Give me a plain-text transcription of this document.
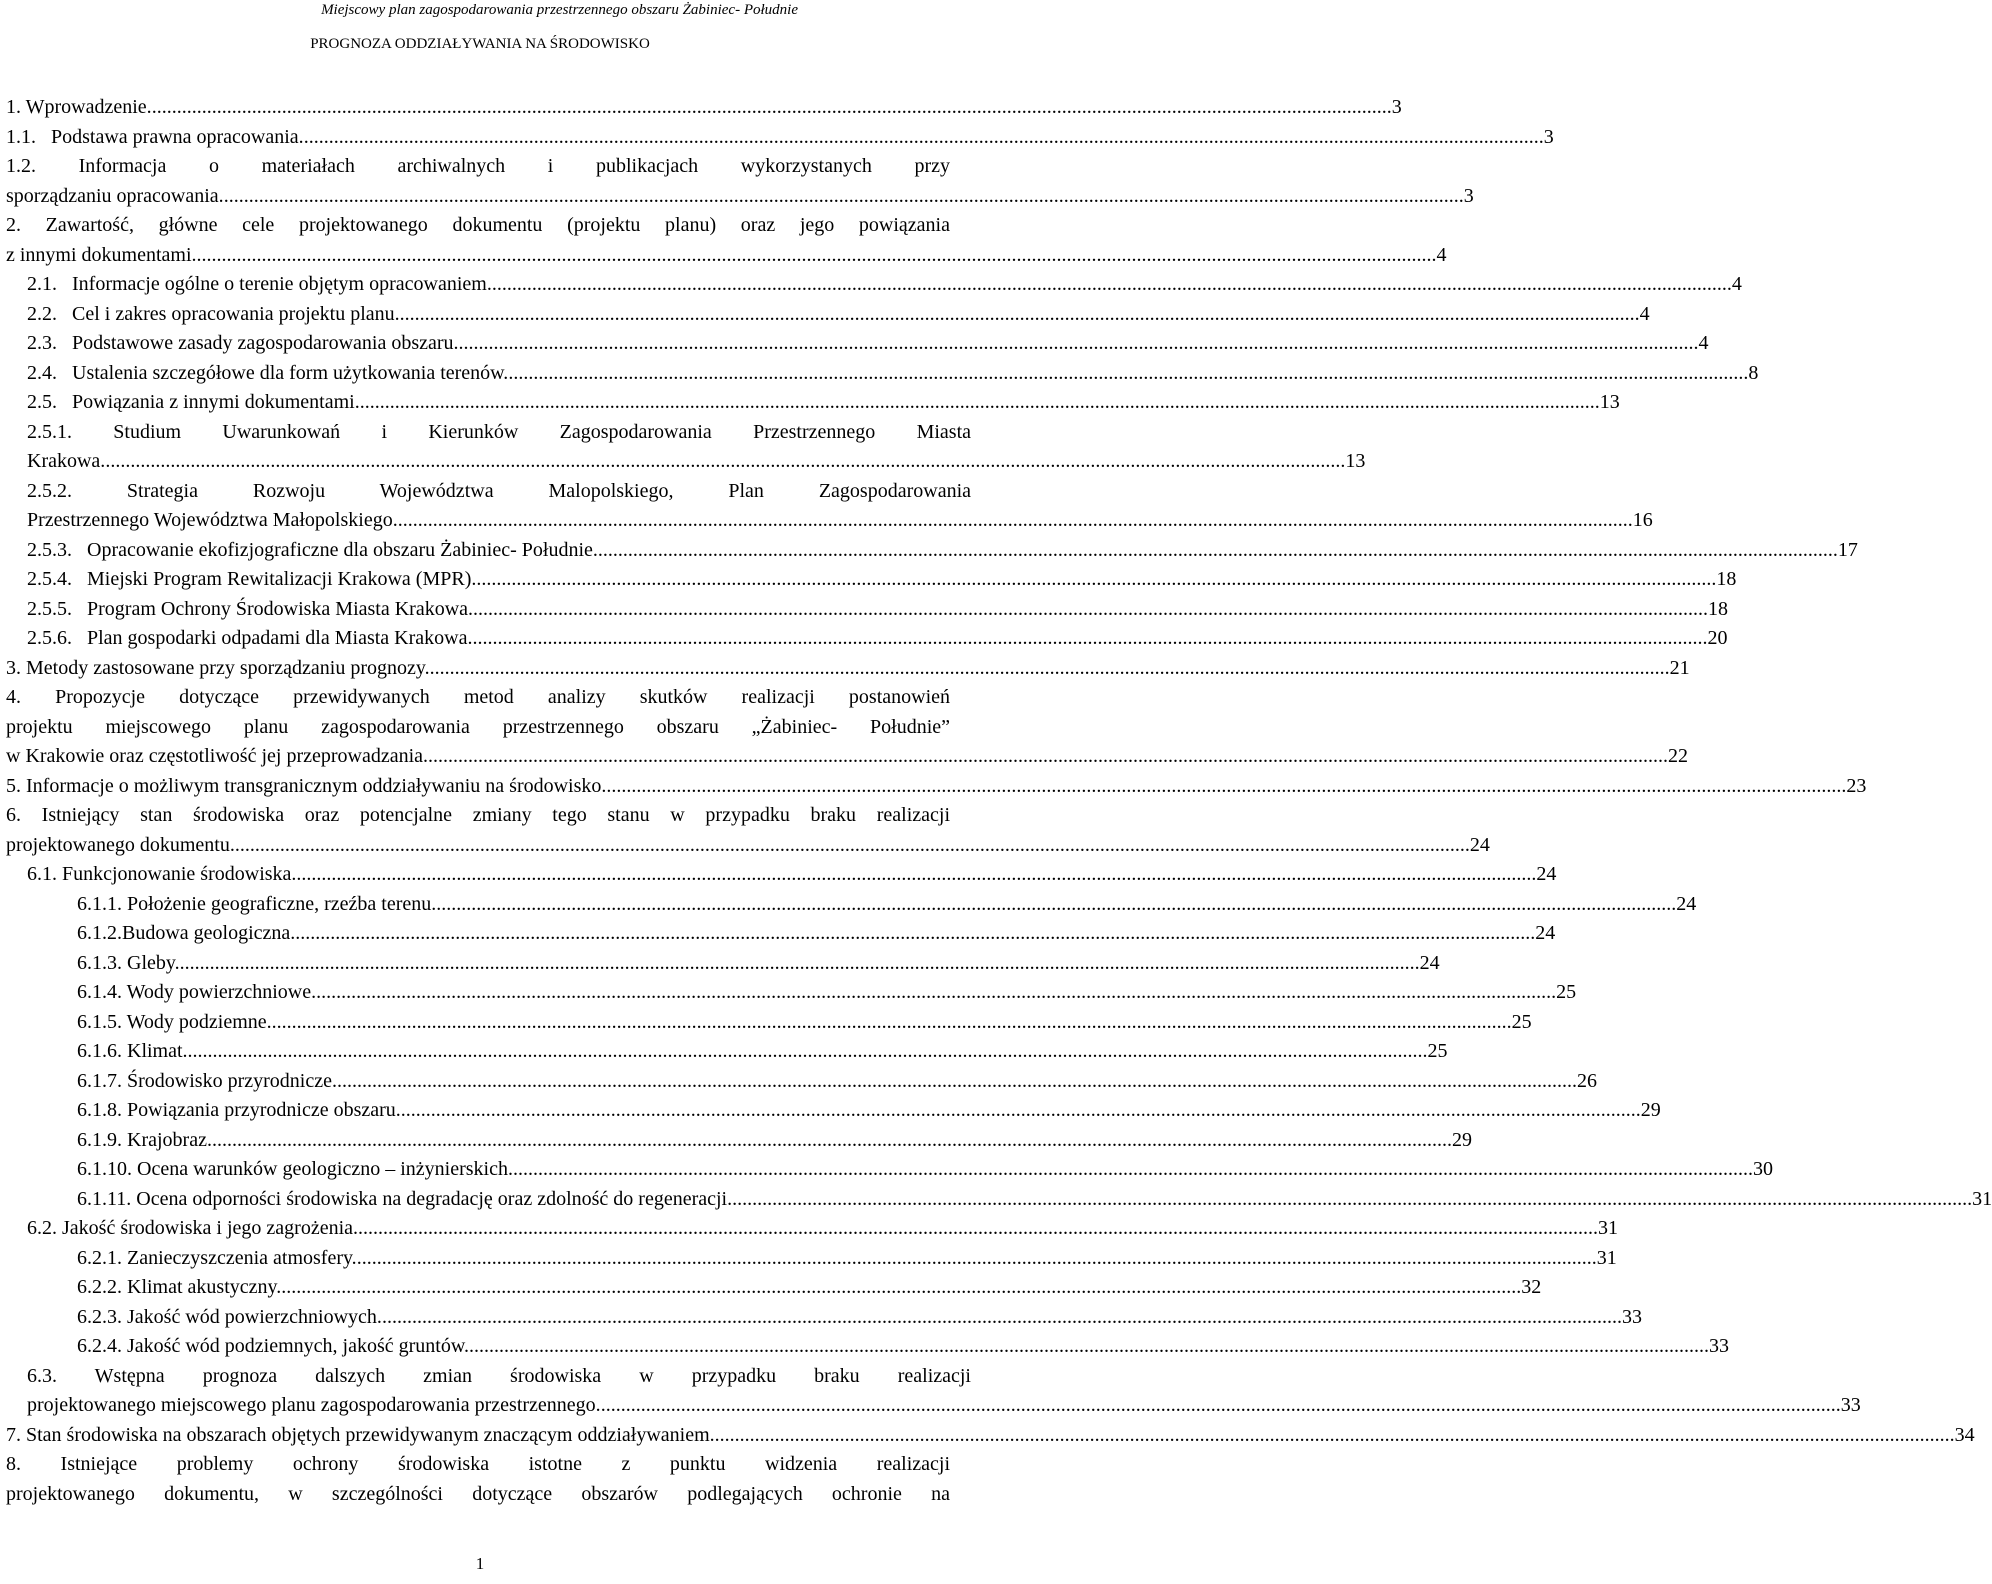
Miejscowy plan zagospodarowania przestrzennego obszaru Żabiniec- Południe
PROGNOZA ODDZIAŁYWANIA NA ŚRODOWISKO
1. Wprowadzenie. .....	3
1.1.   Podstawa prawna opracowania. .....	3
1.2. Informacja o materiałach archiwalnych i publikacjach wykorzystanych przy
sporządzaniu opracowania. .....	3
2. Zawartość, główne cele projektowanego dokumentu (projektu planu) oraz jego powiązania
z innymi dokumentami. .....	4
2.1.   Informacje ogólne o terenie objętym opracowaniem. .....	4
2.2.   Cel i zakres opracowania projektu planu. .....	4
2.3.   Podstawowe zasady zagospodarowania obszaru. .....	4
2.4.   Ustalenia szczegółowe dla form użytkowania terenów. .....	8
2.5.   Powiązania z innymi dokumentami. .....	13
2.5.1. Studium Uwarunkowań i Kierunków Zagospodarowania Przestrzennego Miasta
Krakowa. .....	13
2.5.2. Strategia Rozwoju Województwa Malopolskiego, Plan Zagospodarowania
Przestrzennego Województwa Małopolskiego .....	16
2.5.3.   Opracowanie ekofizjograficzne dla obszaru Żabiniec- Południe. .....	17
2.5.4.   Miejski Program Rewitalizacji Krakowa (MPR). .....	18
2.5.5.   Program Ochrony Środowiska Miasta Krakowa .....	18
2.5.6.   Plan gospodarki odpadami dla Miasta Krakowa .....	20
3. Metody zastosowane przy sporządzaniu prognozy. .....	21
4. Propozycje dotyczące przewidywanych metod analizy skutków realizacji postanowień
projektu miejscowego planu zagospodarowania przestrzennego obszaru „Żabiniec- Południe”
w Krakowie oraz częstotliwość jej przeprowadzania. .....	22
5. Informacje o możliwym transgranicznym oddziaływaniu na środowisko. .....	23
6. Istniejący stan środowiska oraz potencjalne zmiany tego stanu w przypadku braku realizacji
projektowanego dokumentu .....	24
6.1. Funkcjonowanie środowiska. .....	24
6.1.1. Położenie geograficzne, rzeźba terenu. .....	24
6.1.2.Budowa geologiczna. .....	24
6.1.3. Gleby. .....	24
6.1.4. Wody powierzchniowe. .....	25
6.1.5. Wody podziemne. .....	25
6.1.6. Klimat. .....	25
6.1.7. Środowisko przyrodnicze. .....	26
6.1.8. Powiązania przyrodnicze obszaru. .....	29
6.1.9. Krajobraz. .....	29
6.1.10. Ocena warunków geologiczno – inżynierskich. .....	30
6.1.11. Ocena odporności środowiska na degradację oraz zdolność do regeneracji. .....	31
6.2. Jakość środowiska i jego zagrożenia. .....	31
6.2.1. Zanieczyszczenia atmosfery. .....	31
6.2.2. Klimat akustyczny. .....	32
6.2.3. Jakość wód powierzchniowych. .....	33
6.2.4. Jakość wód podziemnych, jakość gruntów. .....	33
6.3. Wstępna prognoza dalszych zmian środowiska w przypadku braku realizacji
projektowanego miejscowego planu zagospodarowania przestrzennego. .....	33
7. Stan środowiska na obszarach objętych przewidywanym znaczącym oddziaływaniem. .....	34
8. Istniejące problemy ochrony środowiska istotne z punktu widzenia realizacji
projektowanego dokumentu, w szczególności dotyczące obszarów podlegających ochronie na
1
